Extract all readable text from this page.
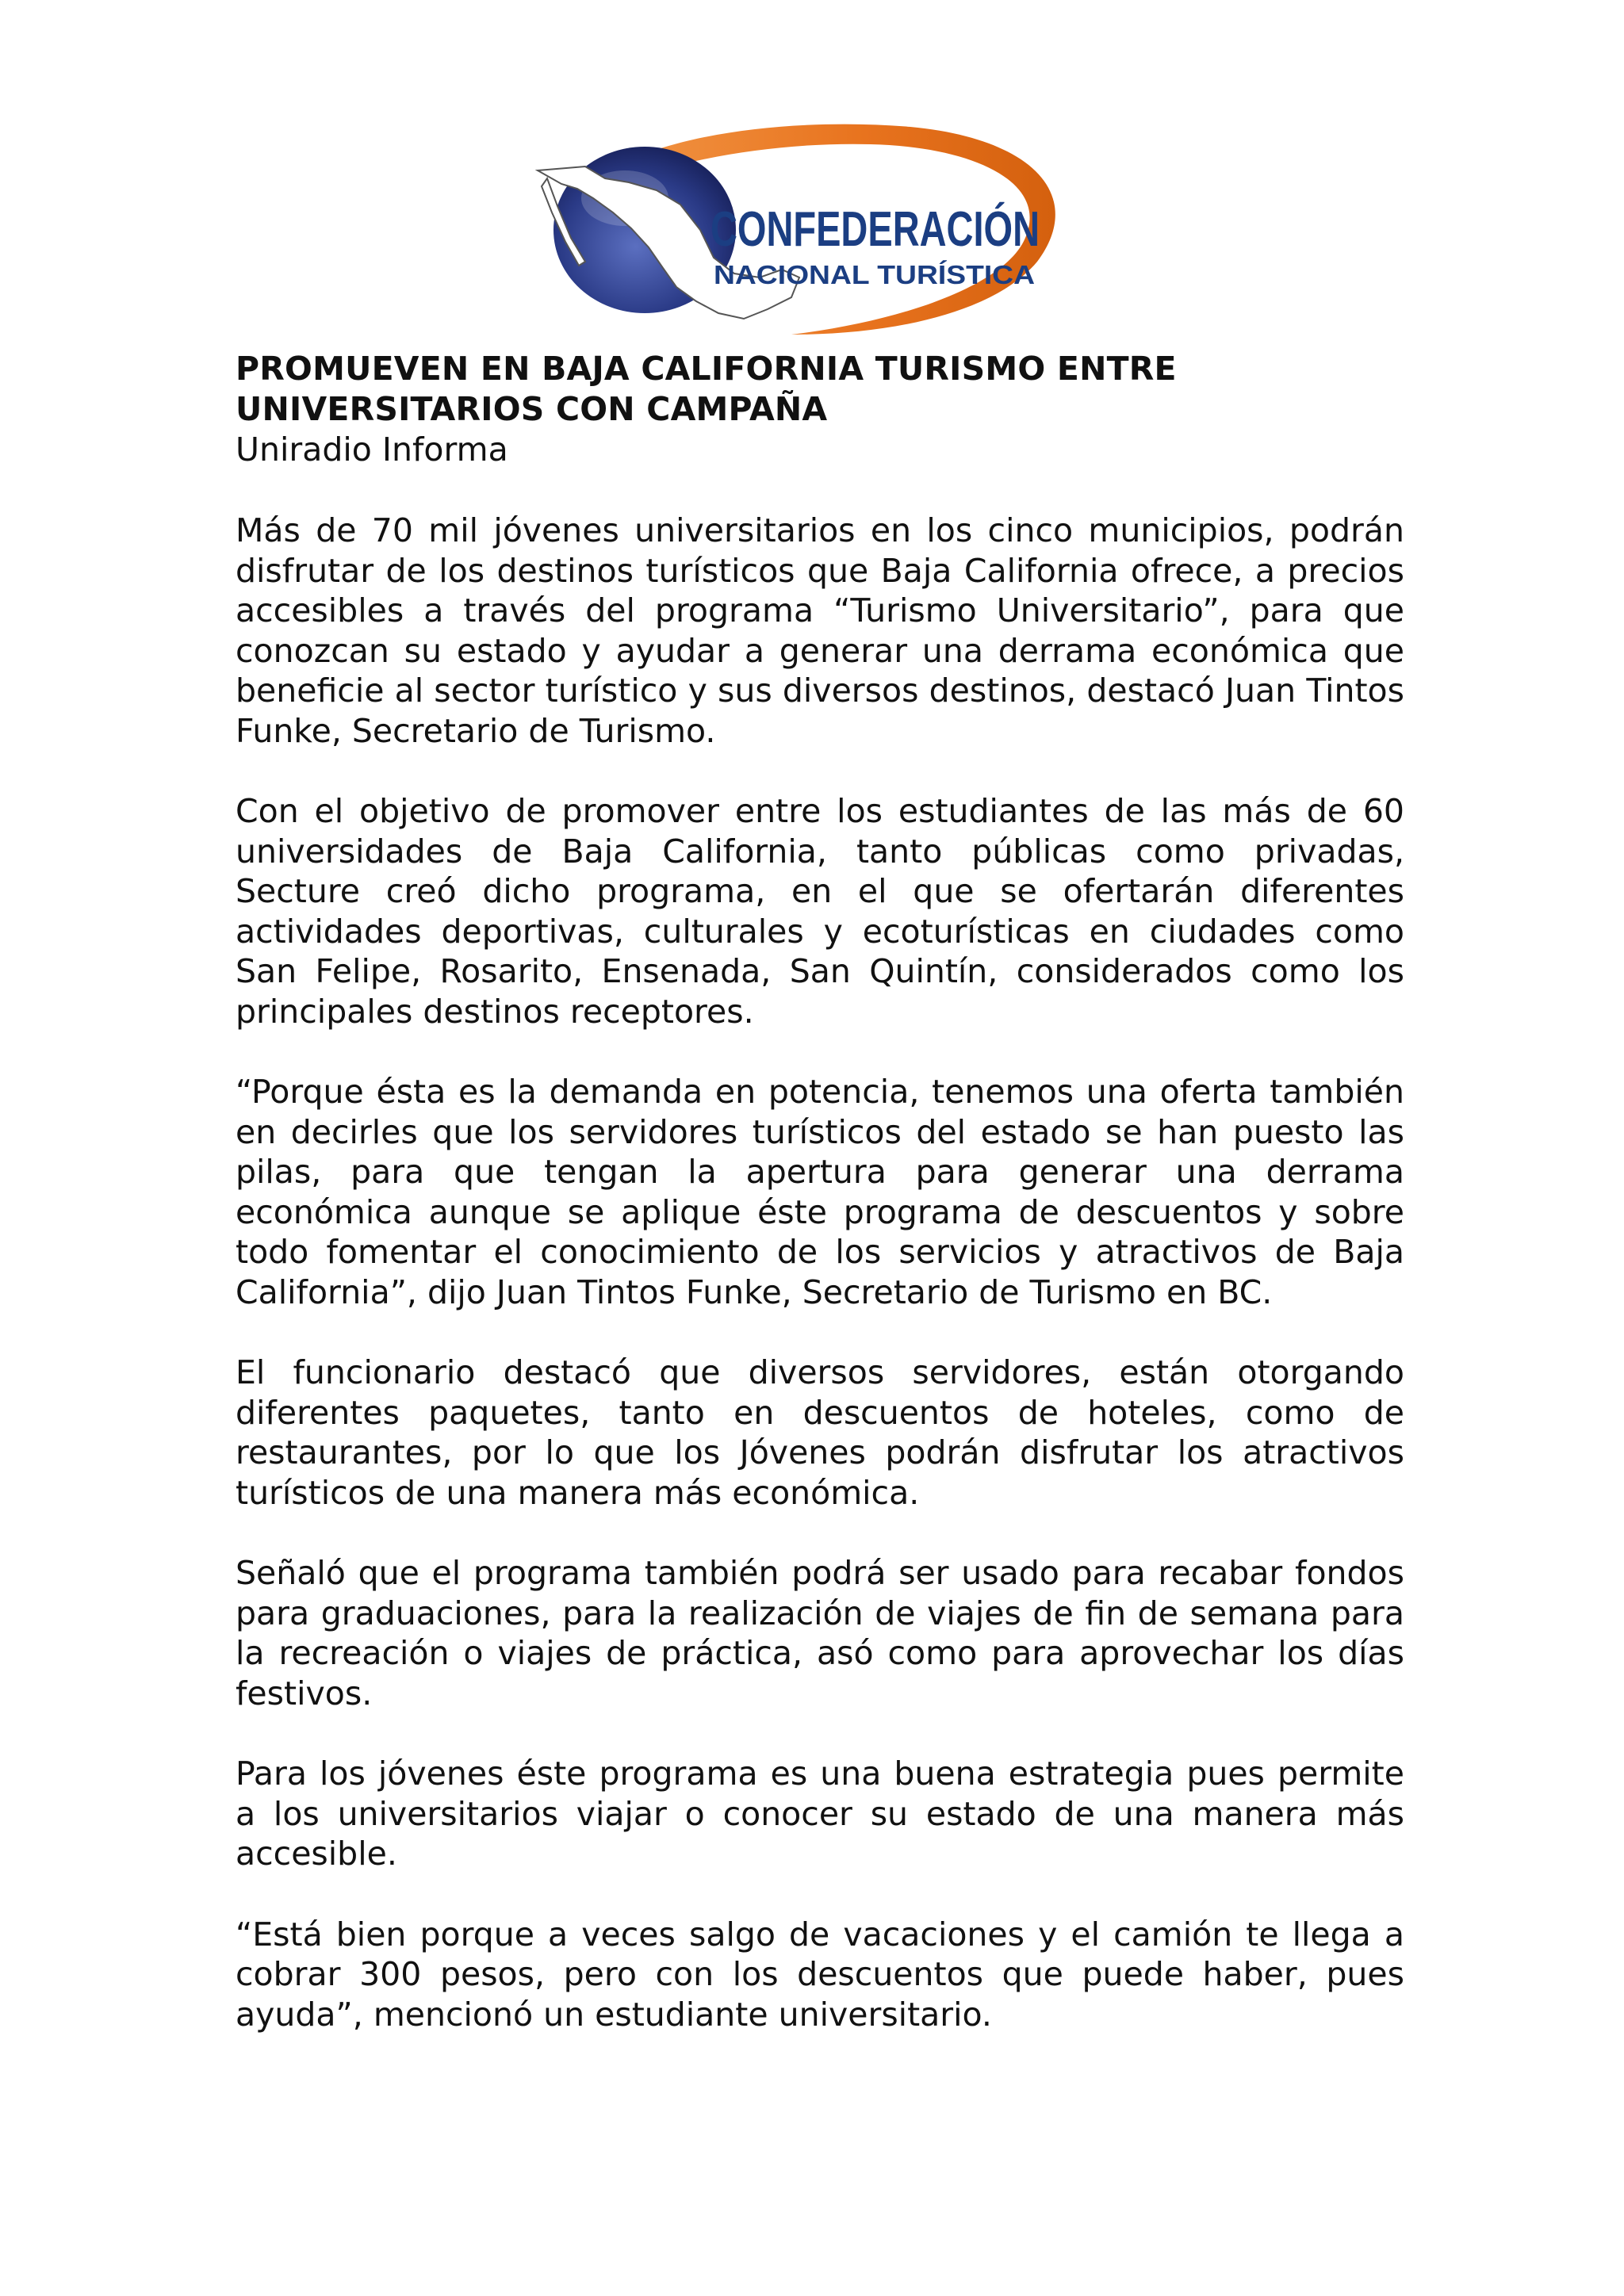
CONFEDERACIÓN
NACIONAL TURÍSTICA

PROMUEVEN EN BAJA CALIFORNIA TURISMO ENTRE

UNIVERSITARIOS CON CAMPAÑA

Uniradio Informa

Más de 70 mil jóvenes universitarios en los cinco municipios, podrán disfrutar de los destinos turísticos que Baja California ofrece, a precios accesibles a través del programa “Turismo Universitario”, para que conozcan su estado y ayudar a generar una derrama económica que beneficie al sector turístico y sus diversos destinos, destacó Juan Tintos Funke, Secretario de Turismo.

Con el objetivo de promover entre los estudiantes de las más de 60 universidades de Baja California, tanto públicas como privadas, Secture creó dicho programa, en el que se ofertarán diferentes actividades deportivas, culturales y ecoturísticas en ciudades como San Felipe, Rosarito, Ensenada, San Quintín, considerados como los principales destinos receptores.

“Porque ésta es la demanda en potencia, tenemos una oferta también en decirles que los servidores turísticos del estado se han puesto las pilas, para que tengan la apertura para generar una derrama económica aunque se aplique éste programa de descuentos y sobre todo fomentar el conocimiento de los servicios y atractivos de Baja California”, dijo Juan Tintos Funke, Secretario de Turismo en BC.

El funcionario destacó que diversos servidores, están otorgando diferentes paquetes, tanto en descuentos de hoteles, como de restaurantes, por lo que los Jóvenes podrán disfrutar los atractivos turísticos de una manera más económica.

Señaló que el programa también podrá ser usado para recabar fondos para graduaciones, para la realización de viajes de fin de semana para la recreación o viajes de práctica, asó como para aprovechar los días festivos.

Para los jóvenes éste programa es una buena estrategia pues permite a los universitarios viajar o conocer su estado de una manera más accesible.

“Está bien porque a veces salgo de vacaciones y el camión te llega a cobrar 300 pesos, pero con los descuentos que puede haber, pues ayuda”, mencionó un estudiante universitario.
